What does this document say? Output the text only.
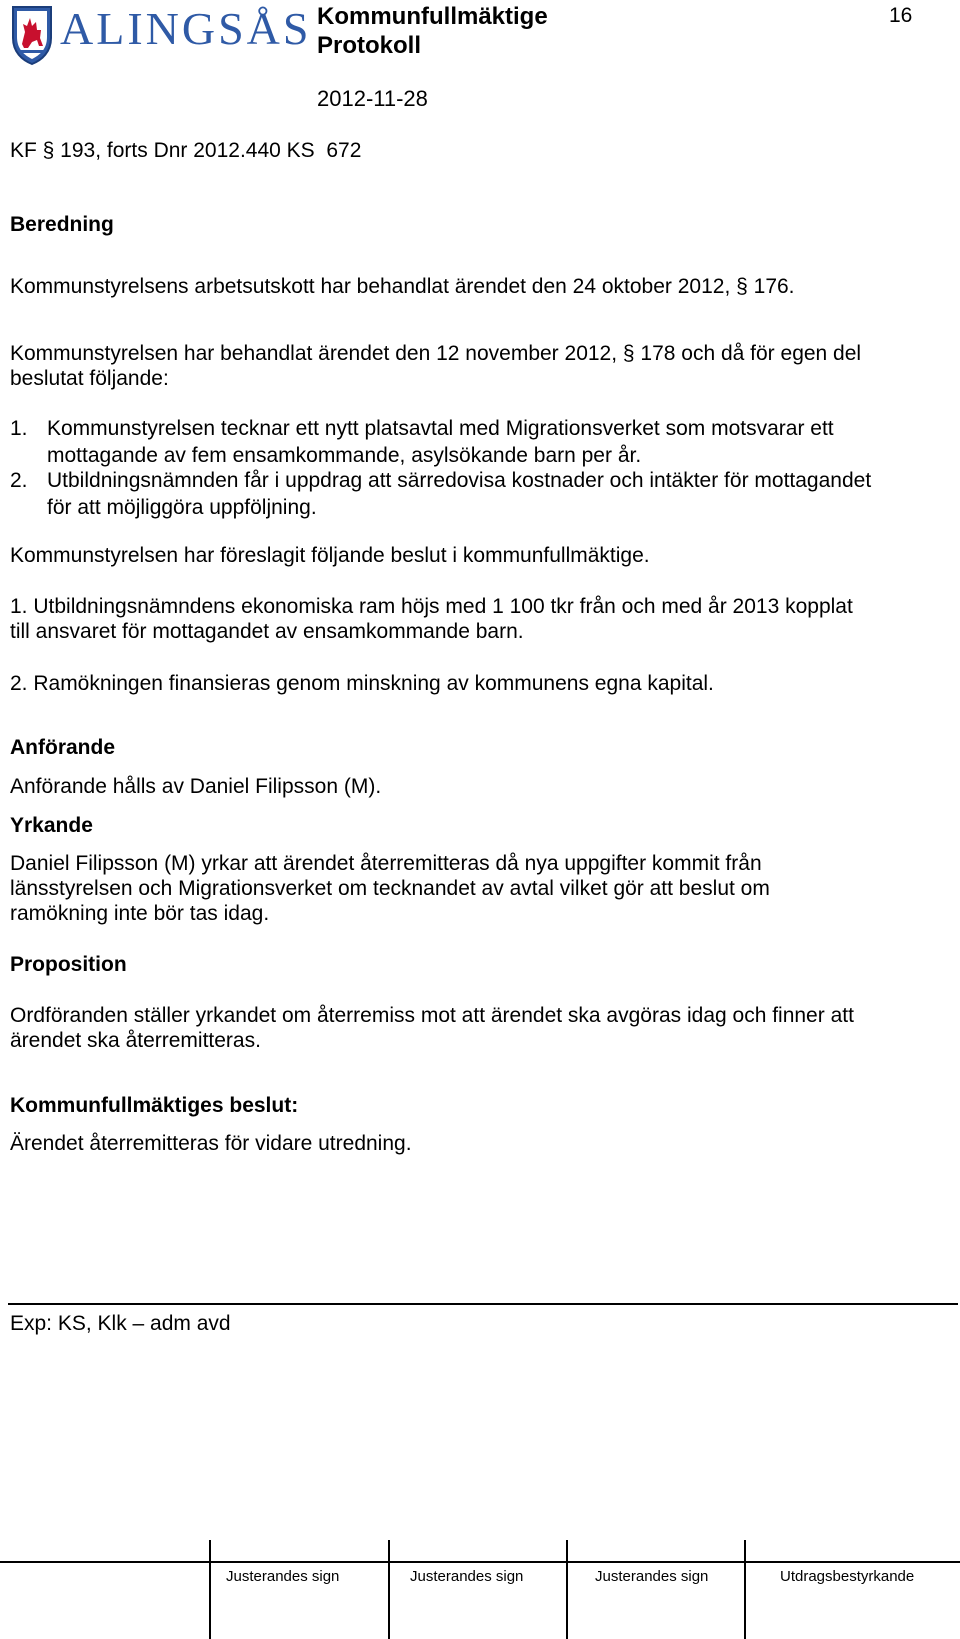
ALINGSÅS Kommunfullmäktige
Protokoll
2012-11-28
16
KF § 193, forts Dnr 2012.440 KS  672
Beredning
Kommunstyrelsens arbetsutskott har behandlat ärendet den 24 oktober 2012, § 176.
Kommunstyrelsen har behandlat ärendet den 12 november 2012, § 178 och då för egen del
beslutat följande:
1. Kommunstyrelsen tecknar ett nytt platsavtal med Migrationsverket som motsvarar ett
mottagande av fem ensamkommande, asylsökande barn per år.
2. Utbildningsnämnden får i uppdrag att särredovisa kostnader och intäkter för mottagandet
för att möjliggöra uppföljning.
Kommunstyrelsen har föreslagit följande beslut i kommunfullmäktige.
1. Utbildningsnämndens ekonomiska ram höjs med 1 100 tkr från och med år 2013 kopplat
till ansvaret för mottagandet av ensamkommande barn.
2. Ramökningen finansieras genom minskning av kommunens egna kapital.
Anförande
Anförande hålls av Daniel Filipsson (M).
Yrkande
Daniel Filipsson (M) yrkar att ärendet återremitteras då nya uppgifter kommit från
länsstyrelsen och Migrationsverket om tecknandet av avtal vilket gör att beslut om
ramökning inte bör tas idag.
Proposition
Ordföranden ställer yrkandet om återremiss mot att ärendet ska avgöras idag och finner att
ärendet ska återremitteras.
Kommunfullmäktiges beslut:
Ärendet återremitteras för vidare utredning.
Exp: KS, Klk – adm avd
Justerandes sign	Justerandes sign	Justerandes sign	Utdragsbestyrkande
